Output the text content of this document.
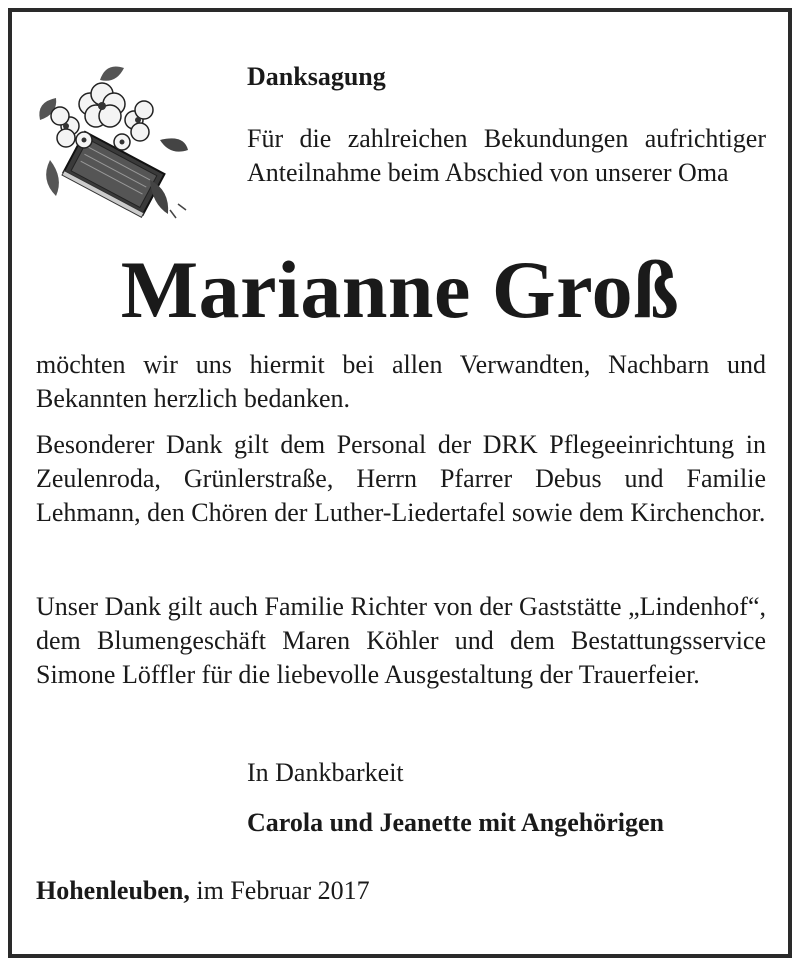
Danksagung

Für die zahlreichen Bekundungen aufrichtiger Anteilnahme beim Abschied von unserer Oma

Marianne Groß

möchten wir uns hiermit bei allen Verwandten, Nachbarn und Bekannten herzlich bedanken.

Besonderer Dank gilt dem Personal der DRK Pflegeeinrichtung in Zeulenroda, Grünlerstraße, Herrn Pfarrer Debus und Familie Lehmann, den Chören der Luther-Liedertafel sowie dem Kirchenchor.

Unser Dank gilt auch Familie Richter von der Gaststätte „Lindenhof“, dem Blumengeschäft Maren Köhler und dem Bestattungsservice Simone Löffler für die liebevolle Ausgestaltung der Trauerfeier.

In Dankbarkeit

Carola und Jeanette mit Angehörigen

Hohenleuben, im Februar 2017
